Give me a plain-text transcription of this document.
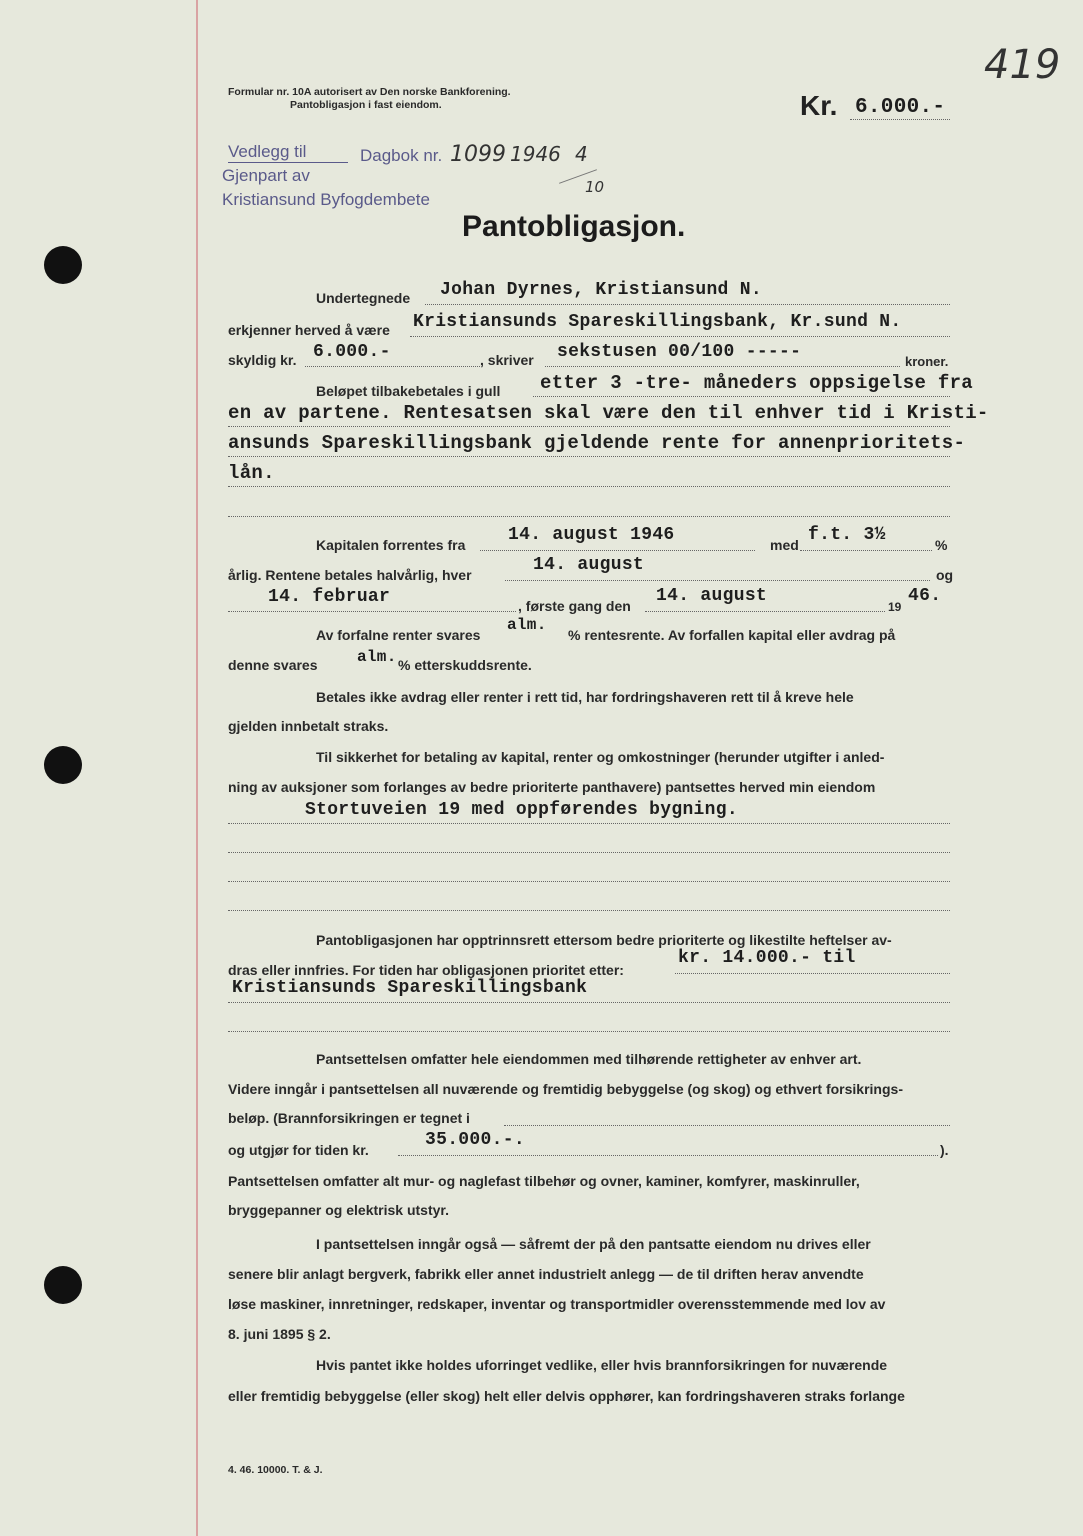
Formular nr. 10A autorisert av Den norske Bankforening.
Pantobligasjon i fast eiendom.
419
Kr. 6.000.-
Vedlegg til	Dagbok nr. 1099 1946 4
10
Gjenpart av
Kristiansund Byfogdembete
Pantobligasjon.
Undertegnede Johan Dyrnes, Kristiansund N.
erkjenner herved å være Kristiansunds Spareskillingsbank, Kr.sund N.
skyldig kr. 6.000.-	, skriver sekstusen 00/100 -----	kroner.
Beløpet tilbakebetales i gull etter 3 -tre- måneders oppsigelse fra
en av partene. Rentesatsen skal være den til enhver tid i Kristi-
ansunds Spareskillingsbank gjeldende rente for annenprioritets-
lån.
Kapitalen forrentes fra 14. august 1946	med f.t. 3½	%
årlig. Rentene betales halvårlig, hver	14. august	og
14. februar	, første gang den 14. august
19
46.
Av forfalne renter svares
alm.
% rentesrente. Av forfallen kapital eller avdrag på
denne svares alm. % etterskuddsrente.
Betales ikke avdrag eller renter i rett tid, har fordringshaveren rett til å kreve hele
gjelden innbetalt straks.
Til sikkerhet for betaling av kapital, renter og omkostninger (herunder utgifter i anled-
ning av auksjoner som forlanges av bedre prioriterte panthavere) pantsettes herved min eiendom
Stortuveien 19 med oppførendes bygning.
Pantobligasjonen har opptrinnsrett ettersom bedre prioriterte og likestilte heftelser av-
dras eller innfries. For tiden har obligasjonen prioritet etter:
kr. 14.000.- til
Kristiansunds Spareskillingsbank
Pantsettelsen omfatter hele eiendommen med tilhørende rettigheter av enhver art.
Videre inngår i pantsettelsen all nuværende og fremtidig bebyggelse (og skog) og ethvert forsikrings-
beløp. (Brannforsikringen er tegnet i
og utgjør for tiden kr.	35.000.-.	).
Pantsettelsen omfatter alt mur- og naglefast tilbehør og ovner, kaminer, komfyrer, maskinruller,
bryggepanner og elektrisk utstyr.
I pantsettelsen inngår også — såfremt der på den pantsatte eiendom nu drives eller
senere blir anlagt bergverk, fabrikk eller annet industrielt anlegg — de til driften herav anvendte
løse maskiner, innretninger, redskaper, inventar og transportmidler overensstemmende med lov av
8. juni 1895 § 2.
Hvis pantet ikke holdes uforringet vedlike, eller hvis brannforsikringen for nuværende
eller fremtidig bebyggelse (eller skog) helt eller delvis opphører, kan fordringshaveren straks forlange
4. 46. 10000. T. & J.
